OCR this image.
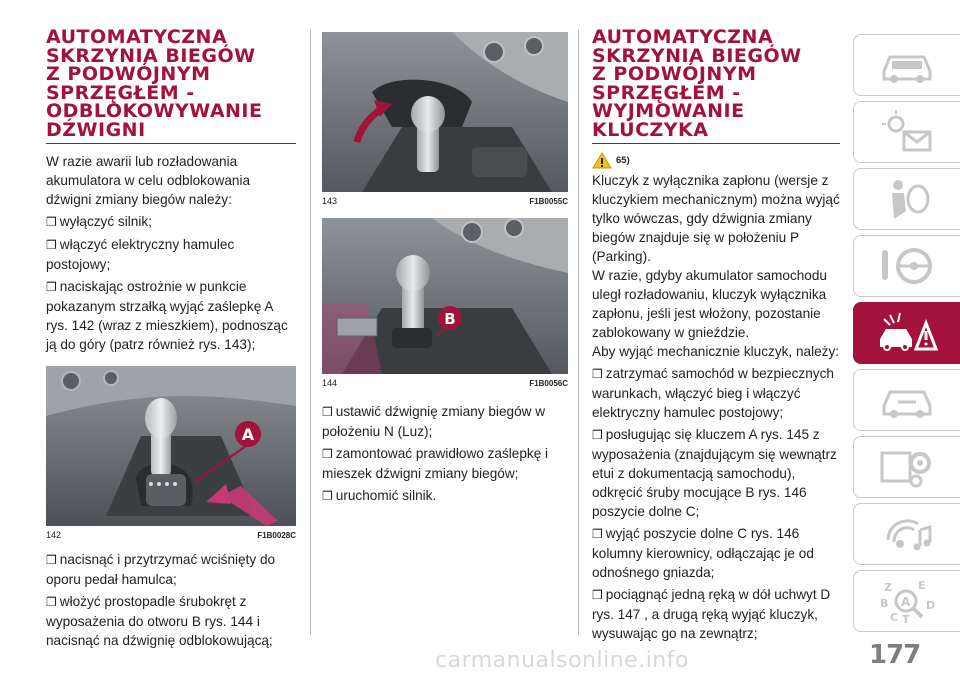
AUTOMATYCZNA
SKRZYNIA BIEGÓW
Z PODWÓJNYM
SPRZĘGŁEM -
ODBLOKOWYWANIE
DŹWIGNI
W razie awarii lub rozładowania akumulatora w celu odblokowania dźwigni zmiany biegów należy:
❒ wyłączyć silnik;
❒ włączyć elektryczny hamulec postojowy;
❒ naciskając ostrożnie w punkcie pokazanym strzałką wyjąć zaślepkę A rys. 142 (wraz z mieszkiem), podnosząc ją do góry (patrz również rys. 143);
A
142	F1B0028C
❒ nacisnąć i przytrzymać wciśnięty do oporu pedał hamulca;
❒ włożyć prostopadle śrubokręt z wyposażenia do otworu B rys. 144 i nacisnąć na dźwignię odblokowującą;
143	F1B0055C
B
144	F1B0056C
❒ ustawić dźwignię zmiany biegów w położeniu N (Luz);
❒ zamontować prawidłowo zaślepkę i mieszek dźwigni zmiany biegów;
❒ uruchomić silnik.
AUTOMATYCZNA
SKRZYNIA BIEGÓW
Z PODWÓJNYM
SPRZĘGŁEM -
WYJMOWANIE
KLUCZYKA
65)
Kluczyk z wyłącznika zapłonu (wersje z kluczykiem mechanicznym) można wyjąć tylko wówczas, gdy dźwignia zmiany biegów znajduje się w położeniu P (Parking).
W razie, gdyby akumulator samochodu uległ rozładowaniu, kluczyk wyłącznika zapłonu, jeśli jest włożony, pozostanie zablokowany w gnieździe.
Aby wyjąć mechanicznie kluczyk, należy:
❒ zatrzymać samochód w bezpiecznych warunkach, włączyć bieg i włączyć elektryczny hamulec postojowy;
❒ posługując się kluczem A rys. 145 z wyposażenia (znajdującym się wewnątrz etui z dokumentacją samochodu), odkręcić śruby mocujące B rys. 146 poszycie dolne C;
❒ wyjąć poszycie dolne C rys. 146 kolumny kierownicy, odłączając je od odnośnego gniazda;
❒ pociągnąć jedną ręką w dół uchwyt D rys. 147 , a drugą ręką wyjąć kluczyk, wysuwając go na zewnątrz;
Z E
B A D
C T
177
carmanualsonline.info
